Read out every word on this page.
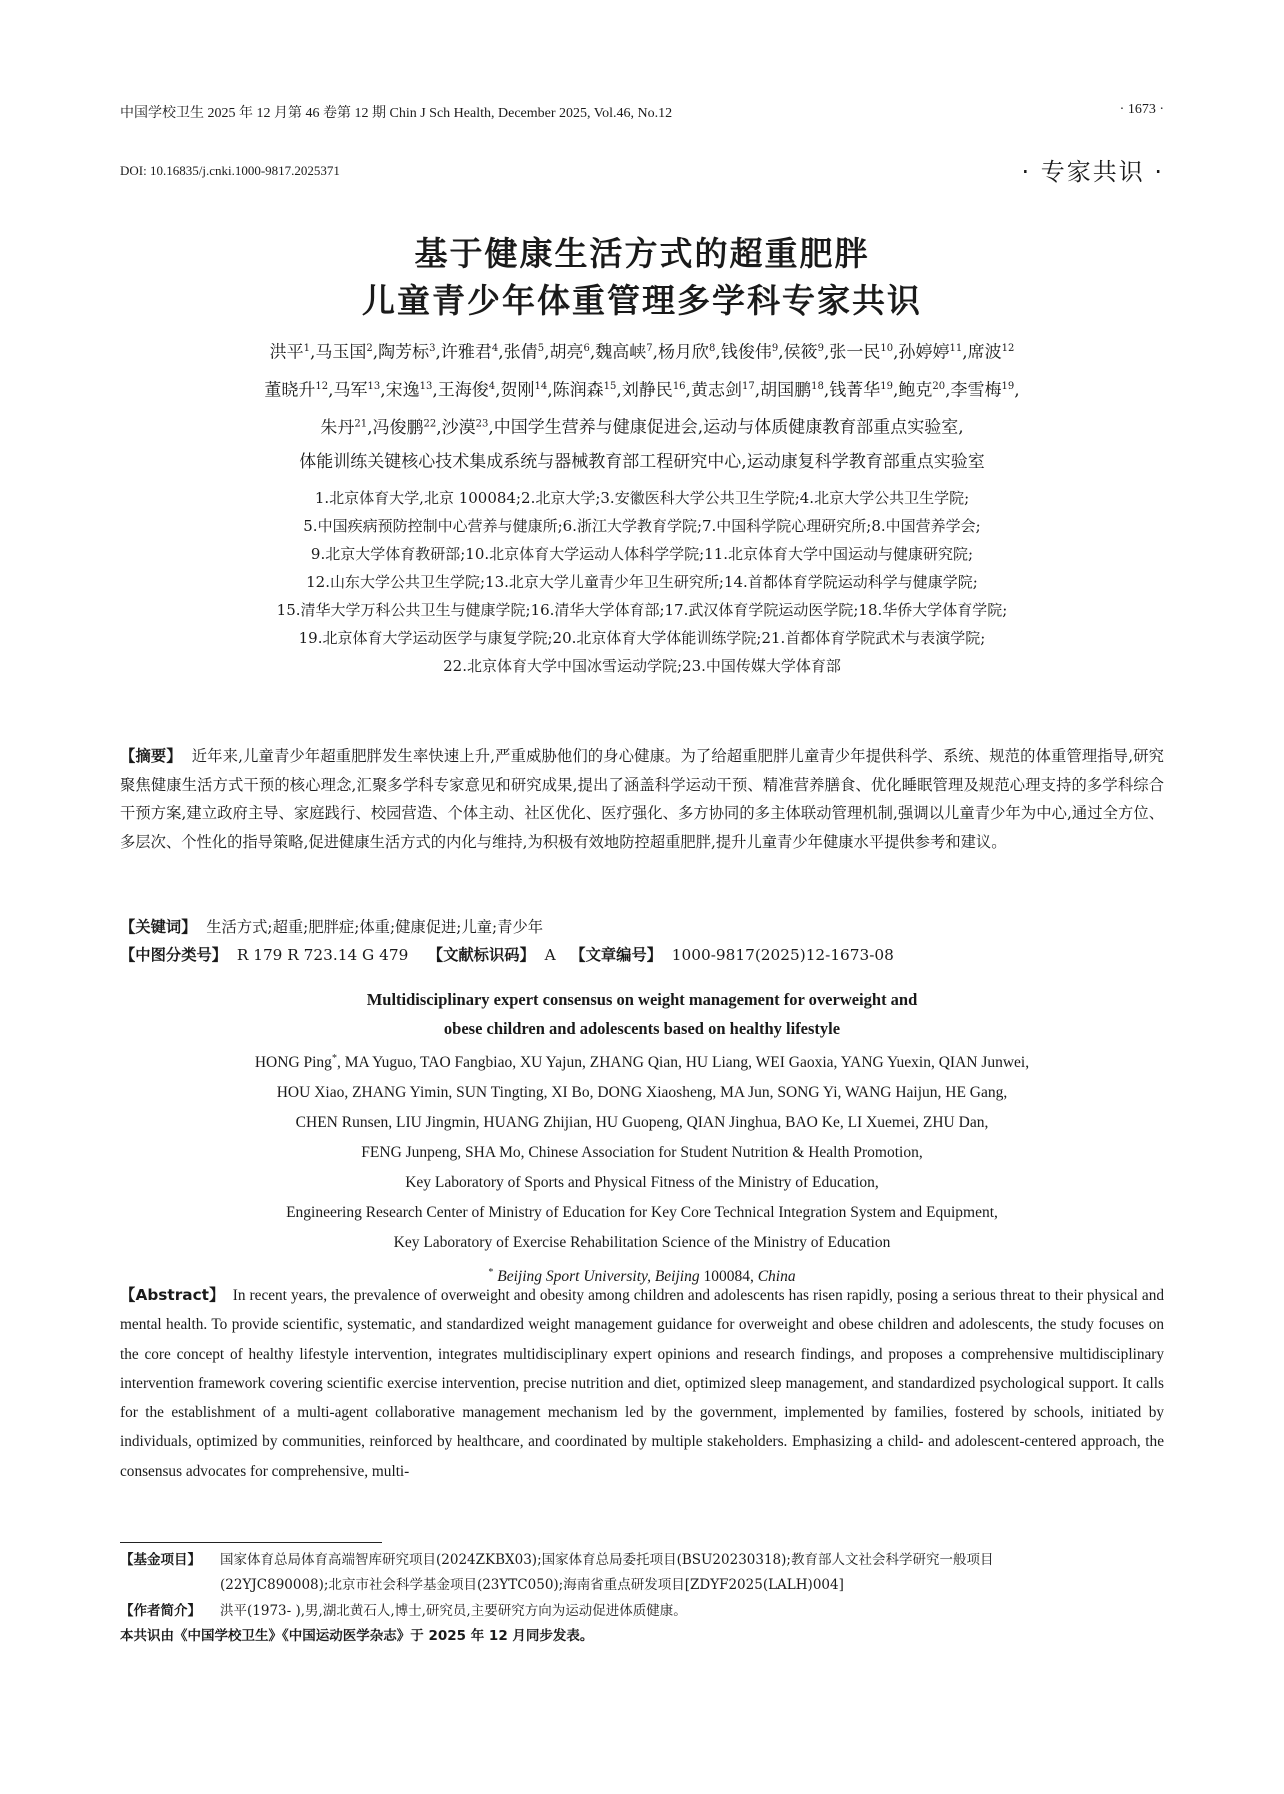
中国学校卫生 2025 年 12 月第 46 卷第 12 期 Chin J Sch Health, December 2025, Vol.46, No.12	· 1673 ·
DOI: 10.16835/j.cnki.1000-9817.2025371	· 专家共识 ·
基于健康生活方式的超重肥胖
儿童青少年体重管理多学科专家共识
洪平$^1$,马玉国$^2$,陶芳标$^3$,许雅君$^4$,张倩$^5$,胡亮$^6$,魏高峡$^7$,杨月欣$^8$,钱俊伟$^9$,侯筱$^9$,张一民$^{10}$,孙婷婷$^{11}$,席波$^{12}$
董晓升$^{12}$,马军$^{13}$,宋逸$^{13}$,王海俊$^4$,贺刚$^{14}$,陈润森$^{15}$,刘静民$^{16}$,黄志剑$^{17}$,胡国鹏$^{18}$,钱菁华$^{19}$,鲍克$^{20}$,李雪梅$^{19}$,
朱丹$^{21}$,冯俊鹏$^{22}$,沙漠$^{23}$,中国学生营养与健康促进会,运动与体质健康教育部重点实验室,
体能训练关键核心技术集成系统与器械教育部工程研究中心,运动康复科学教育部重点实验室
1.北京体育大学,北京 100084;2.北京大学;3.安徽医科大学公共卫生学院;4.北京大学公共卫生学院;
5.中国疾病预防控制中心营养与健康所;6.浙江大学教育学院;7.中国科学院心理研究所;8.中国营养学会;
9.北京大学体育教研部;10.北京体育大学运动人体科学学院;11.北京体育大学中国运动与健康研究院;
12.山东大学公共卫生学院;13.北京大学儿童青少年卫生研究所;14.首都体育学院运动科学与健康学院;
15.清华大学万科公共卫生与健康学院;16.清华大学体育部;17.武汉体育学院运动医学院;18.华侨大学体育学院;
19.北京体育大学运动医学与康复学院;20.北京体育大学体能训练学院;21.首都体育学院武术与表演学院;
22.北京体育大学中国冰雪运动学院;23.中国传媒大学体育部
【摘要】 近年来,儿童青少年超重肥胖发生率快速上升,严重威胁他们的身心健康。为了给超重肥胖儿童青少年提供科学、系统、规范的体重管理指导,研究聚焦健康生活方式干预的核心理念,汇聚多学科专家意见和研究成果,提出了涵盖科学运动干预、精准营养膳食、优化睡眠管理及规范心理支持的多学科综合干预方案,建立政府主导、家庭践行、校园营造、个体主动、社区优化、医疗强化、多方协同的多主体联动管理机制,强调以儿童青少年为中心,通过全方位、多层次、个性化的指导策略,促进健康生活方式的内化与维持,为积极有效地防控超重肥胖,提升儿童青少年健康水平提供参考和建议。
【关键词】 生活方式;超重;肥胖症;体重;健康促进;儿童;青少年
【中图分类号】 R 179 R 723.14 G 479 【文献标识码】 A 【文章编号】 1000-9817(2025)12-1673-08
Multidisciplinary expert consensus on weight management for overweight and
obese children and adolescents based on healthy lifestyle
HONG Ping*, MA Yuguo, TAO Fangbiao, XU Yajun, ZHANG Qian, HU Liang, WEI Gaoxia, YANG Yuexin, QIAN Junwei,
HOU Xiao, ZHANG Yimin, SUN Tingting, XI Bo, DONG Xiaosheng, MA Jun, SONG Yi, WANG Haijun, HE Gang,
CHEN Runsen, LIU Jingmin, HUANG Zhijian, HU Guopeng, QIAN Jinghua, BAO Ke, LI Xuemei, ZHU Dan,
FENG Junpeng, SHA Mo, Chinese Association for Student Nutrition & Health Promotion,
Key Laboratory of Sports and Physical Fitness of the Ministry of Education,
Engineering Research Center of Ministry of Education for Key Core Technical Integration System and Equipment,
Key Laboratory of Exercise Rehabilitation Science of the Ministry of Education
* Beijing Sport University, Beijing 100084, China
【Abstract】 In recent years, the prevalence of overweight and obesity among children and adolescents has risen rapidly, posing a serious threat to their physical and mental health. To provide scientific, systematic, and standardized weight management guidance for overweight and obese children and adolescents, the study focuses on the core concept of healthy lifestyle intervention, integrates multidisciplinary expert opinions and research findings, and proposes a comprehensive multidisciplinary intervention framework covering scientific exercise intervention, precise nutrition and diet, optimized sleep management, and standardized psychological support. It calls for the establishment of a multi-agent collaborative management mechanism led by the government, implemented by families, fostered by schools, initiated by individuals, optimized by communities, reinforced by healthcare, and coordinated by multiple stakeholders. Emphasizing a child- and adolescent-centered approach, the consensus advocates for comprehensive, multi-
【基金项目】 国家体育总局体育高端智库研究项目(2024ZKBX03);国家体育总局委托项目(BSU20230318);教育部人文社会科学研究一般项目
(22YJC890008);北京市社会科学基金项目(23YTC050);海南省重点研发项目[ZDYF2025(LALH)004]
【作者简介】 洪平(1973- ),男,湖北黄石人,博士,研究员,主要研究方向为运动促进体质健康。
本共识由《中国学校卫生》《中国运动医学杂志》于 2025 年 12 月同步发表。
